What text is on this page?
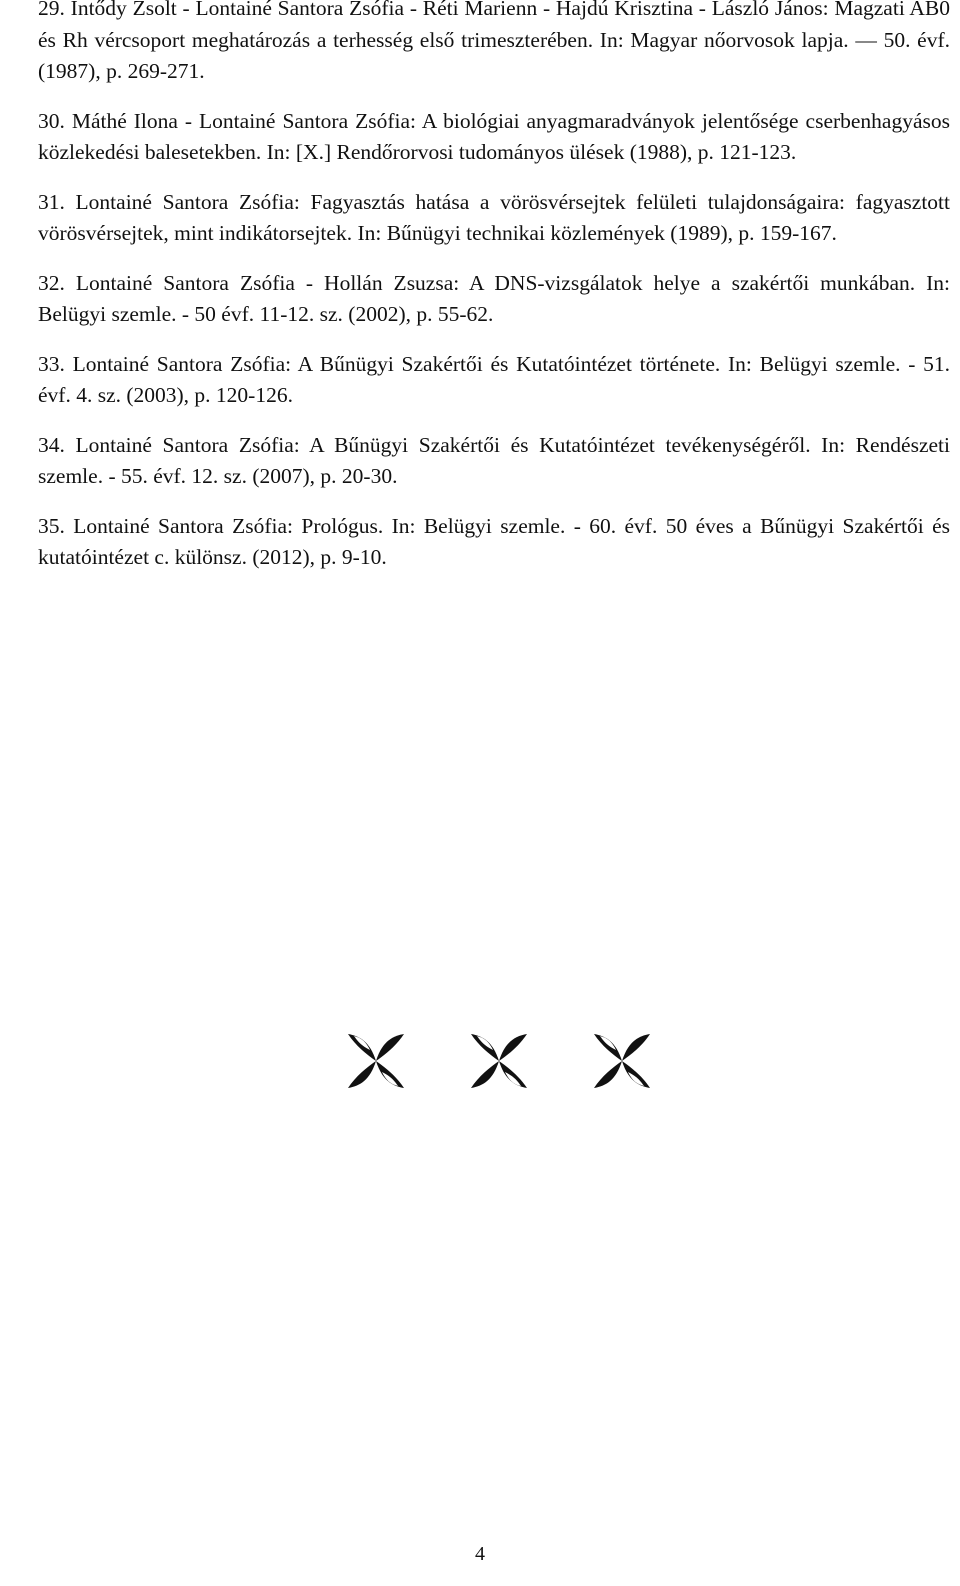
29. Intődy Zsolt - Lontainé Santora Zsófia - Réti Marienn - Hajdú Krisztina - László János: Magzati AB0 és Rh vércsoport meghatározás a terhesség első trimeszterében. In: Magyar nőorvosok lapja. — 50. évf. (1987), p. 269-271.

30. Máthé Ilona - Lontainé Santora Zsófia: A biológiai anyagmaradványok jelentősége cserbenhagyásos közlekedési balesetekben. In: [X.] Rendőrorvosi tudományos ülések (1988), p. 121-123.

31. Lontainé Santora Zsófia: Fagyasztás hatása a vörösvérsejtek felületi tulajdonságaira: fagyasztott vörösvérsejtek, mint indikátorsejtek. In: Bűnügyi technikai közlemények (1989), p. 159-167.

32. Lontainé Santora Zsófia - Hollán Zsuzsa: A DNS-vizsgálatok helye a szakértői munkában. In: Belügyi szemle. - 50 évf. 11-12. sz. (2002), p. 55-62.

33. Lontainé Santora Zsófia: A Bűnügyi Szakértői és Kutatóintézet története. In: Belügyi szemle. - 51. évf. 4. sz. (2003), p. 120-126.

34. Lontainé Santora Zsófia: A Bűnügyi Szakértői és Kutatóintézet tevékenységéről. In: Rendészeti szemle. - 55. évf. 12. sz. (2007), p. 20-30.

35. Lontainé Santora Zsófia: Prológus. In: Belügyi szemle. - 60. évf. 50 éves a Bűnügyi Szakértői és kutatóintézet c. különsz. (2012), p. 9-10.

4
